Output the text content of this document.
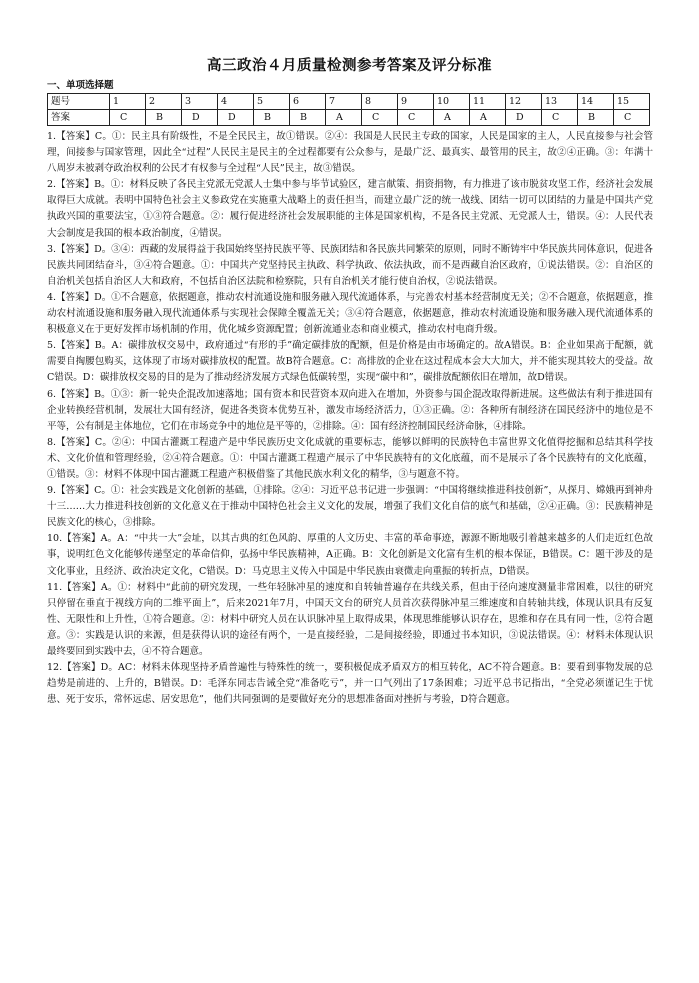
高三政治４月质量检测参考答案及评分标准
一、单项选择题
题号	1	2	3	4	5	6	7	8	9	10	11	12	13	14	15
答案	C	B	D	D	B	B	A	C	C	A	A	D	C	B	C

1.【答案】C。①：民主具有阶级性，不是全民民主，故①错误。②④：我国是人民民主专政的国家，人民是国家的主人，人民直接参与社会管理，间接参与国家管理，因此全“过程”人民民主是民主的全过程都要有公众参与，是最广泛、最真实、最管用的民主，故②④正确。③：年满十八周岁未被剥夺政治权利的公民才有权参与全过程“人民”民主，故③错误。

2.【答案】B。①：材料反映了各民主党派无党派人士集中参与毕节试验区，建言献策、捐资捐物，有力推进了该市脱贫攻坚工作，经济社会发展取得巨大成就。表明中国特色社会主义参政党在实施重大战略上的责任担当，而建立最广泛的统一战线、团结一切可以团结的力量是中国共产党执政兴国的重要法宝，①③符合题意。②：履行促进经济社会发展职能的主体是国家机构，不是各民主党派、无党派人士，错误。④：人民代表大会制度是我国的根本政治制度，④错误。

3.【答案】D。③④：西藏的发展得益于我国始终坚持民族平等、民族团结和各民族共同繁荣的原则，同时不断铸牢中华民族共同体意识，促进各民族共同团结奋斗，③④符合题意。①：中国共产党坚持民主执政、科学执政、依法执政，而不是西藏自治区政府，①说法错误。②：自治区的自治机关包括自治区人大和政府，不包括自治区法院和检察院，只有自治机关才能行使自治权，②说法错误。

4.【答案】D。①不合题意，依据题意，推动农村流通设施和服务融入现代流通体系，与完善农村基本经营制度无关；②不合题意，依据题意，推动农村流通设施和服务融入现代流通体系与实现社会保障全覆盖无关；③④符合题意，依据题意，推动农村流通设施和服务融入现代流通体系的积极意义在于更好发挥市场机制的作用，优化城乡资源配置；创新流通业态和商业模式，推动农村电商升级。

5.【答案】B。A：碳排放权交易中，政府通过“有形的手”确定碳排放的配额，但是价格是由市场确定的。故A错误。B：企业如果高于配额，就需要自掏腰包购买，这体现了市场对碳排放权的配置。故B符合题意。C：高排放的企业在这过程成本会大大加大，并不能实现其较大的受益。故C错误。D：碳排放权交易的目的是为了推动经济发展方式绿色低碳转型，实现“碳中和”，碳排放配额依旧在增加，故D错误。

6.【答案】B。①③：新一轮央企混改加速落地；国有资本和民营资本双向进入在增加，外资参与国企混改取得新进展。这些做法有利于推进国有企业转换经营机制，发展壮大国有经济，促进各类资本优势互补，激发市场经济活力，①③正确。②：各种所有制经济在国民经济中的地位是不平等，公有制是主体地位，它们在市场竞争中的地位是平等的，②排除。④：国有经济控制国民经济命脉，④排除。

8.【答案】C。②④：中国古灌溉工程遗产是中华民族历史文化成就的重要标志，能够以鲜明的民族特色丰富世界文化值得挖掘和总结其科学技术、文化价值和管理经验，②④符合题意。①：中国古灌溉工程遗产展示了中华民族特有的文化底蕴，而不是展示了各个民族特有的文化底蕴，①错误。③：材料不体现中国古灌溉工程遗产积极借鉴了其他民族水利文化的精华，③与题意不符。

9.【答案】C。①：社会实践是文化创新的基础，①排除。②④：习近平总书记进一步强调：“中国将继续推进科技创新”，从探月、嫦娥再到神舟十三……大力推进科技创新的文化意义在于推动中国特色社会主义文化的发展，增强了我们文化自信的底气和基础，②④正确。③：民族精神是民族文化的核心，③排除。

10.【答案】A。A：“中共一大”会址，以其古典的红色风韵、厚重的人文历史、丰富的革命事迹，源源不断地吸引着越来越多的人们走近红色故事，说明红色文化能够传递坚定的革命信仰，弘扬中华民族精神，A正确。B：文化创新是文化富有生机的根本保证，B错误。C：题干涉及的是文化事业，且经济、政治决定文化，C错误。D：马克思主义传入中国是中华民族由衰微走向重振的转折点，D错误。

11.【答案】A。①：材料中“此前的研究发现，一些年轻脉冲星的速度和自转轴普遍存在共线关系，但由于径向速度测量非常困难，以往的研究只停留在垂直于视线方向的二维平面上”，后来2021年7月，中国天文台的研究人员首次获得脉冲星三维速度和自转轴共线，体现认识具有反复性、无限性和上升性，①符合题意。②：材料中研究人员在认识脉冲星上取得成果，体现思维能够认识存在，思维和存在具有同一性，②符合题意。③：实践是认识的来源，但是获得认识的途径有两个，一是直接经验，二是间接经验，即通过书本知识，③说法错误。④：材料未体现认识最终要回到实践中去，④不符合题意。

12.【答案】D。AC：材料未体现坚持矛盾普遍性与特殊性的统一，要积极促成矛盾双方的相互转化，AC不符合题意。B：要看到事物发展的总趋势是前进的、上升的，B错误。D：毛泽东同志告诫全党“准备吃亏”，并一口气列出了17条困难；习近平总书记指出，“全党必须谨记生于忧患、死于安乐，常怀远虑、居安思危”，他们共同强调的是要做好充分的思想准备面对挫折与考验，D符合题意。
